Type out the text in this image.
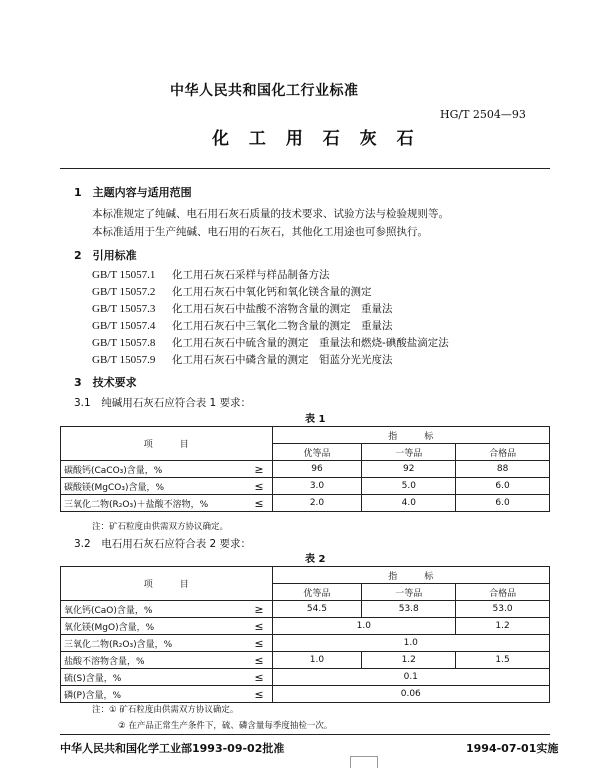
中华人民共和国化工行业标准
HG/T 2504—93
化 工 用 石 灰 石
1　主题内容与适用范围
本标准规定了纯碱、电石用石灰石质量的技术要求、试验方法与检验规则等。
本标准适用于生产纯碱、电石用的石灰石，其他化工用途也可参照执行。
2　引用标准
GB/T 15057.1 化工用石灰石采样与样品制备方法
GB/T 15057.2 化工用石灰石中氧化钙和氧化镁含量的测定
GB/T 15057.3 化工用石灰石中盐酸不溶物含量的测定　重量法
GB/T 15057.4 化工用石灰石中三氧化二物含量的测定　重量法
GB/T 15057.8 化工用石灰石中硫含量的测定　重量法和燃烧-碘酸盐滴定法
GB/T 15057.9 化工用石灰石中磷含量的测定　钼蓝分光光度法
3　技术要求
3.1　纯碱用石灰石应符合表 1 要求：
表 1
项　　　目		指　　　标		
		优等品	一等品	合格品
碳酸钙(CaCO₃)含量，%	≥	96	92	88
碳酸镁(MgCO₃)含量，%	≤	3.0	5.0	6.0
三氧化二物(R₂O₃)＋盐酸不溶物，%	≤	2.0	4.0	6.0
注：矿石粒度由供需双方协议确定。
3.2　电石用石灰石应符合表 2 要求：
表 2
项　　　目		指　　　标		
		优等品	一等品	合格品
氧化钙(CaO)含量，%	≥	54.5	53.8	53.0
氧化镁(MgO)含量，%	≤	1.0		1.2
三氧化二物(R₂O₃)含量，%	≤	1.0		
盐酸不溶物含量，%	≤	1.0	1.2	1.5
硫(S)含量，%	≤	0.1		
磷(P)含量，%	≤	0.06		
注：① 矿石粒度由供需双方协议确定。
② 在产品正常生产条件下，硫、磷含量每季度抽检一次。
中华人民共和国化学工业部1993-09-02批准	1994-07-01实施
